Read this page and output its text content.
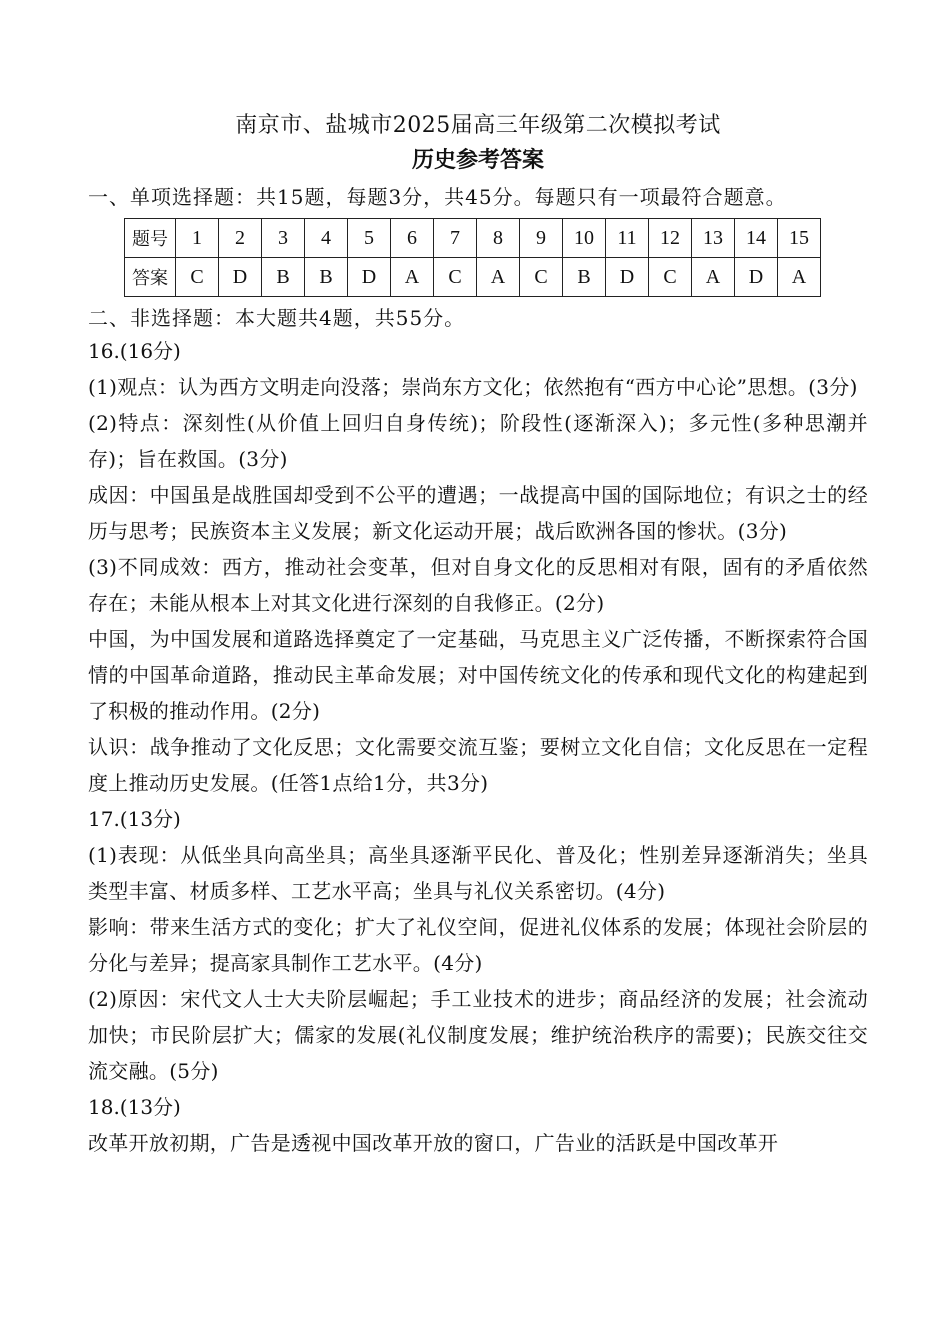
南京市、盐城市2025届高三年级第二次模拟考试

历史参考答案

一、单项选择题：共15题，每题3分，共45分。每题只有一项最符合题意。

题号	1	2	3	4	5	6	7	8	9	10	11	12	13	14	15
答案	C	D	B	B	D	A	C	A	C	B	D	C	A	D	A

二、非选择题：本大题共4题，共55分。

16.(16分)

(1)观点：认为西方文明走向没落；崇尚东方文化；依然抱有“西方中心论”思想。(3分)

(2)特点：深刻性(从价值上回归自身传统)；阶段性(逐渐深入)；多元性(多种思潮并存)；旨在救国。(3分)

成因：中国虽是战胜国却受到不公平的遭遇；一战提高中国的国际地位；有识之士的经历与思考；民族资本主义发展；新文化运动开展；战后欧洲各国的惨状。(3分)

(3)不同成效：西方，推动社会变革，但对自身文化的反思相对有限，固有的矛盾依然存在；未能从根本上对其文化进行深刻的自我修正。(2分)

中国，为中国发展和道路选择奠定了一定基础，马克思主义广泛传播，不断探索符合国情的中国革命道路，推动民主革命发展；对中国传统文化的传承和现代文化的构建起到了积极的推动作用。(2分)

认识：战争推动了文化反思；文化需要交流互鉴；要树立文化自信；文化反思在一定程度上推动历史发展。(任答1点给1分，共3分)

17.(13分)

(1)表现：从低坐具向高坐具；高坐具逐渐平民化、普及化；性别差异逐渐消失；坐具类型丰富、材质多样、工艺水平高；坐具与礼仪关系密切。(4分)

影响：带来生活方式的变化；扩大了礼仪空间，促进礼仪体系的发展；体现社会阶层的分化与差异；提高家具制作工艺水平。(4分)

(2)原因：宋代文人士大夫阶层崛起；手工业技术的进步；商品经济的发展；社会流动加快；市民阶层扩大；儒家的发展(礼仪制度发展；维护统治秩序的需要)；民族交往交流交融。(5分)

18.(13分)

改革开放初期，广告是透视中国改革开放的窗口，广告业的活跃是中国改革开
